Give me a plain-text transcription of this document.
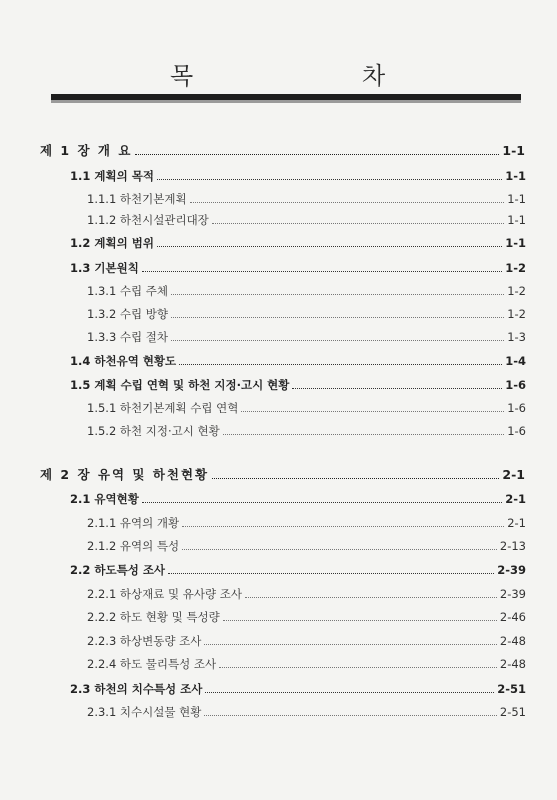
목	차
제 1 장 개 요	1-1
1.1 계획의 목적	1-1
1.1.1 하천기본계획	1-1
1.1.2 하천시설관리대장	1-1
1.2 계획의 범위	1-1
1.3 기본원칙	1-2
1.3.1 수립 주체	1-2
1.3.2 수립 방향	1-2
1.3.3 수립 절차	1-3
1.4 하천유역 현황도	1-4
1.5 계획 수립 연혁 및 하천 지정·고시 현황	1-6
1.5.1 하천기본계획 수립 연혁	1-6
1.5.2 하천 지정·고시 현황	1-6
제 2 장 유역 및 하천현황	2-1
2.1 유역현황	2-1
2.1.1 유역의 개황	2-1
2.1.2 유역의 특성	2-13
2.2 하도특성 조사	2-39
2.2.1 하상재료 및 유사량 조사	2-39
2.2.2 하도 현황 및 특성량	2-46
2.2.3 하상변동량 조사	2-48
2.2.4 하도 물리특성 조사	2-48
2.3 하천의 치수특성 조사	2-51
2.3.1 치수시설물 현황	2-51
